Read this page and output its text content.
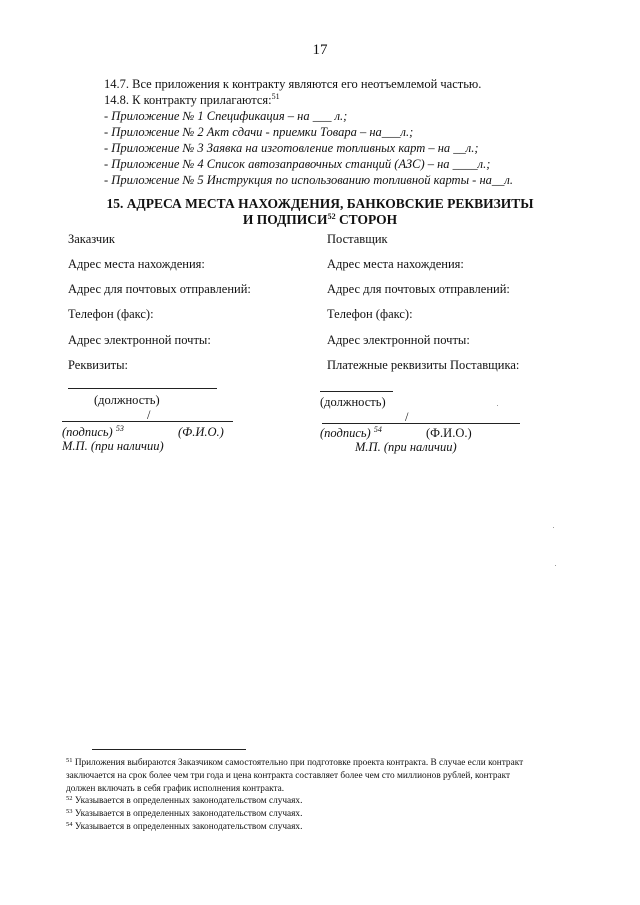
17
14.7. Все приложения к контракту являются его неотъемлемой частью.
14.8. К контракту прилагаются:$^{51}$
- Приложение № 1 Спецификация – на ___ л.;
- Приложение № 2 Акт сдачи - приемки Товара – на___л.;
- Приложение № 3 Заявка на изготовление топливных карт – на __л.;
- Приложение № 4 Список автозаправочных станций (АЗС) – на ____л.;
- Приложение № 5 Инструкция по использованию топливной карты - на__л.
15. АДРЕСА МЕСТА НАХОЖДЕНИЯ, БАНКОВСКИЕ РЕКВИЗИТЫ
И ПОДПИСИ$^{52}$ СТОРОН
Заказчик
Адрес места нахождения:
Адрес для почтовых отправлений:
Телефон (факс):
Адрес электронной почты:
Реквизиты:
(должность)
/
(подпись) $^{53}$	(Ф.И.О.)
М.П. (при наличии)
Поставщик
Адрес места нахождения:
Адрес для почтовых отправлений:
Телефон (факс):
Адрес электронной почты:
Платежные реквизиты Поставщика:
(должность)
/
(подпись) $^{54}$	(Ф.И.О.)
М.П. (при наличии)
$^{51}$ Приложения выбираются Заказчиком самостоятельно при подготовке проекта контракта. В случае если контракт
заключается на срок более чем три года и цена контракта составляет более чем сто миллионов рублей, контракт
должен включать в себя график исполнения контракта.
$^{52}$ Указывается в определенных законодательством случаях.
$^{53}$ Указывается в определенных законодательством случаях.
$^{54}$ Указывается в определенных законодательством случаях.
